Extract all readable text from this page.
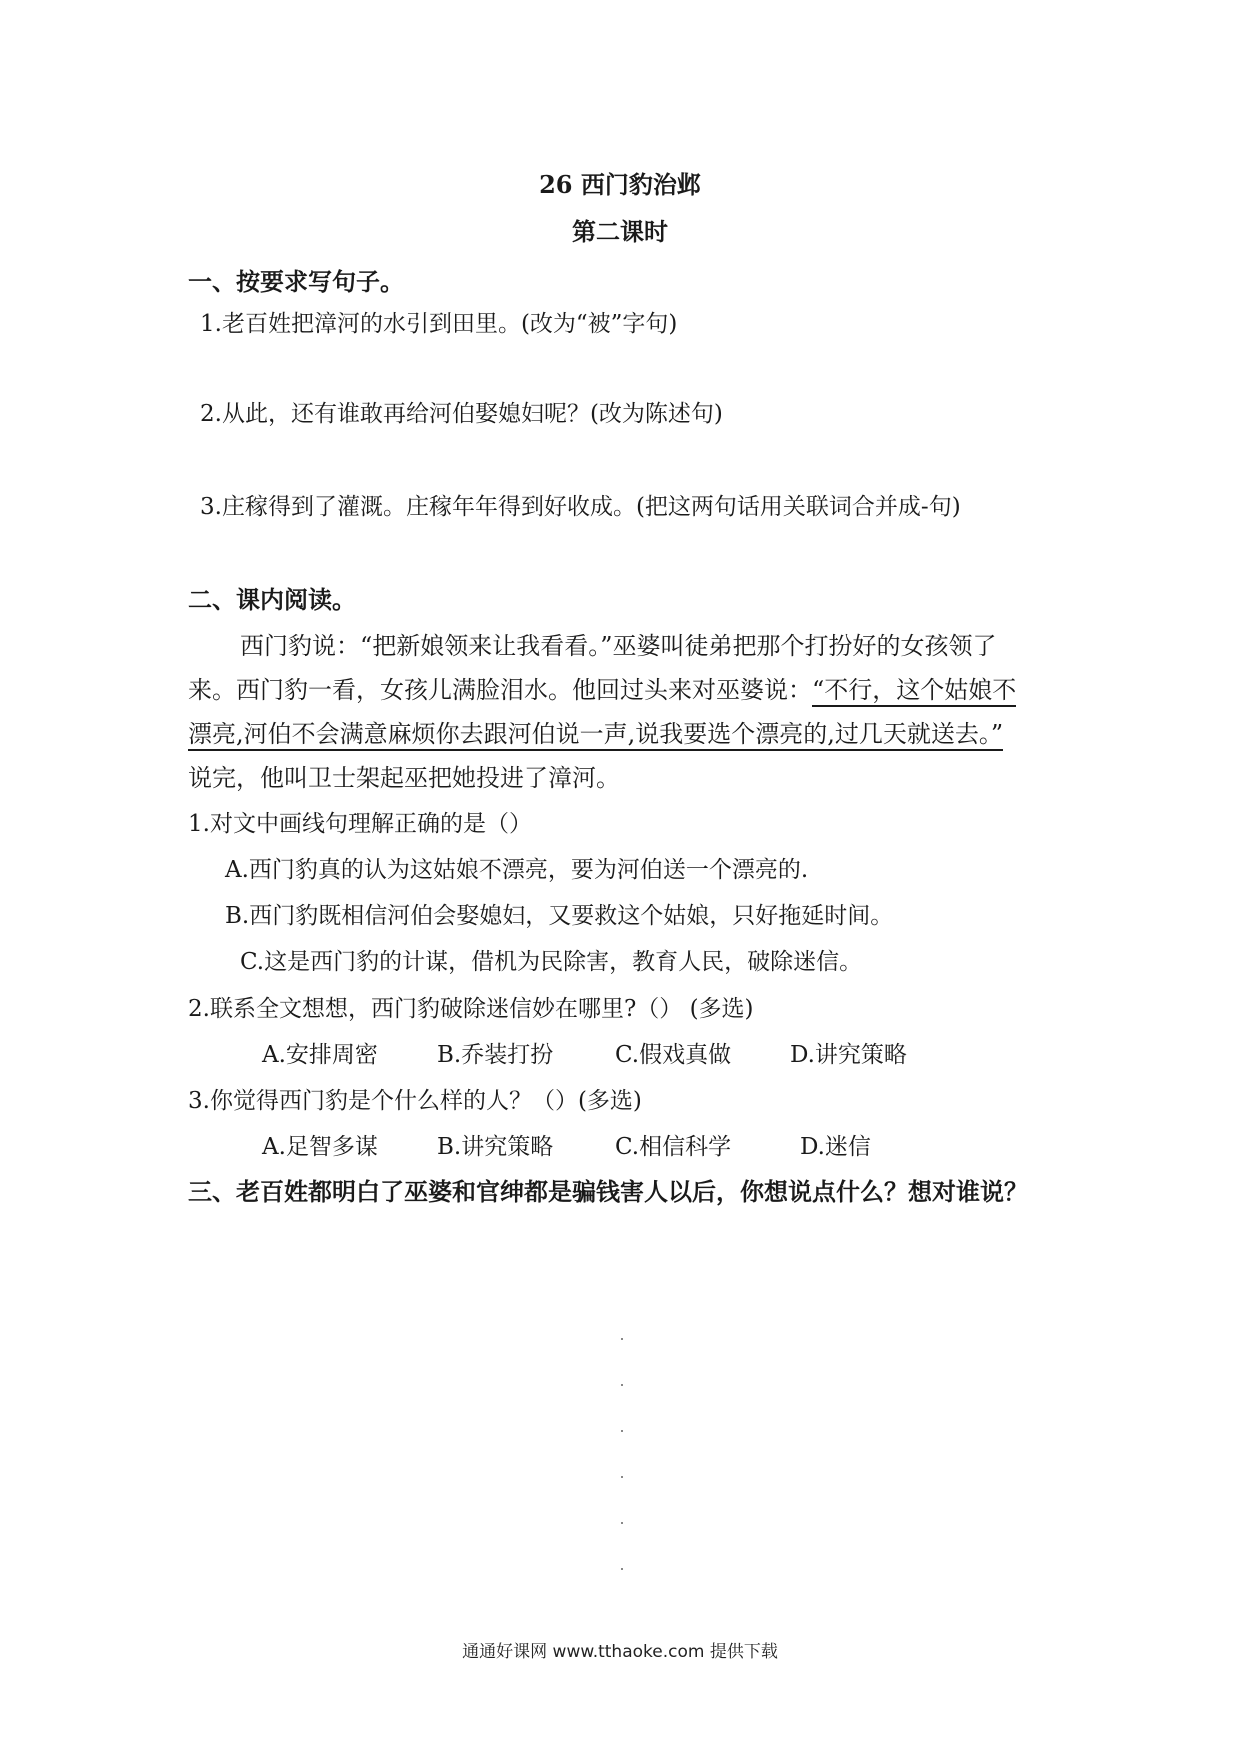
26 西门豹治邺
第二课时
一、按要求写句子。
1.老百姓把漳河的水引到田里。(改为“被”字句)
2.从此，还有谁敢再给河伯娶媳妇呢？(改为陈述句)
3.庄稼得到了灌溉。庄稼年年得到好收成。(把这两句话用关联词合并成-句)
二、课内阅读。
西门豹说：“把新娘领来让我看看。”巫婆叫徒弟把那个打扮好的女孩领了
来。西门豹一看，女孩儿满脸泪水。他回过头来对巫婆说：“不行，这个姑娘不
漂亮,河伯不会满意麻烦你去跟河伯说一声,说我要选个漂亮的,过几天就送去。”
说完，他叫卫士架起巫把她投进了漳河。
1.对文中画线句理解正确的是（）
A.西门豹真的认为这姑娘不漂亮，要为河伯送一个漂亮的.
B.西门豹既相信河伯会娶媳妇，又要救这个姑娘，只好拖延时间。
C.这是西门豹的计谋，借机为民除害，教育人民，破除迷信。
2.联系全文想想，西门豹破除迷信妙在哪里?（） (多选)
A.安排周密	B.乔装打扮	C.假戏真做	D.讲究策略
3.你觉得西门豹是个什么样的人？（）(多选)
A.足智多谋	B.讲究策略	C.相信科学	D.迷信
三、老百姓都明白了巫婆和官绅都是骗钱害人以后，你想说点什么？想对谁说？
通通好课网 www.tthaoke.com 提供下载
